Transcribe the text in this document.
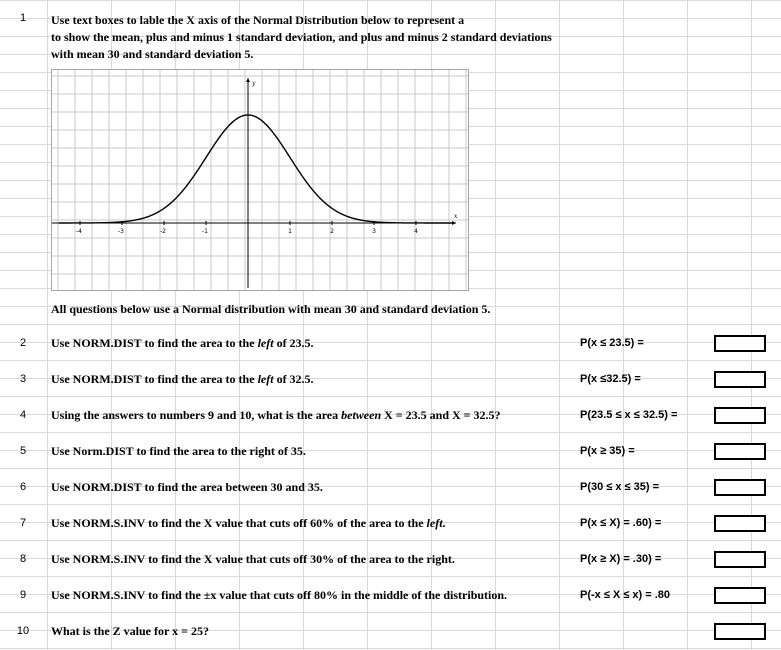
1	Use text boxes to lable the X axis of the Normal Distribution below to represent a
to show the mean, plus and minus 1 standard deviation, and plus and minus 2 standard deviations
with mean 30 and standard deviation 5.
-4	-3	-2	-1	1	2	3	4
x
y
All questions below use a Normal distribution with mean 30 and standard deviation 5.
2	Use NORM.DIST to find the area to the left of 23.5.	P(x ≤ 23.5) =
3	Use NORM.DIST to find the area to the left of 32.5.	P(x ≤32.5) =
4	Using the answers to numbers 9 and 10, what is the area between X = 23.5 and X = 32.5?	P(23.5 ≤ x ≤ 32.5) =
5	Use Norm.DIST to find the area to the right of 35.	P(x ≥ 35) =
6	Use NORM.DIST to find the area between 30 and 35.	P(30 ≤ x ≤ 35) =
7	Use NORM.S.INV to find the X value that cuts off 60% of the area to the left.	P(x ≤ X) = .60) =
8	Use NORM.S.INV to find the X value that cuts off 30% of the area to the right.	P(x ≥ X) = .30) =
9	Use NORM.S.INV to find the ±x value that cuts off 80% in the middle of the distribution.	P(-x ≤ X ≤ x) = .80
10	What is the Z value for x = 25?
